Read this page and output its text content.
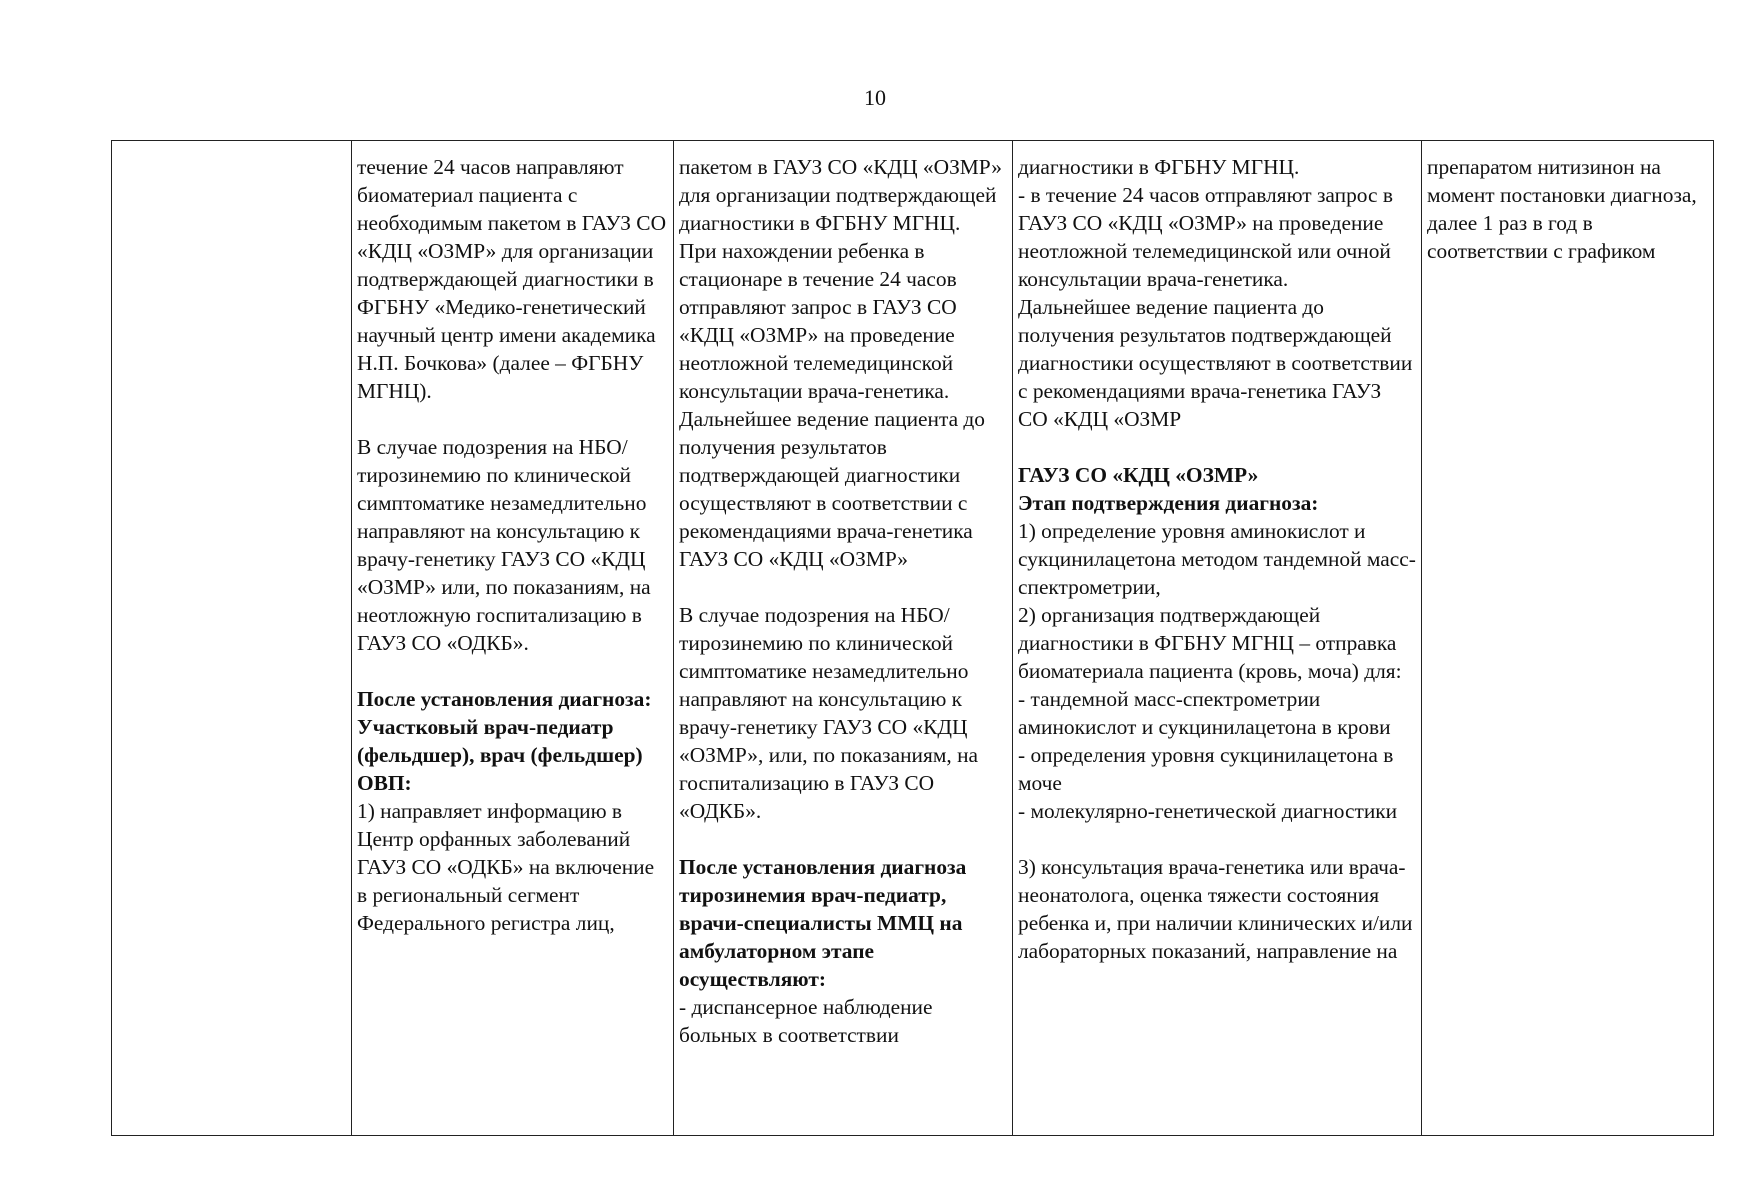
10

течение 24 часов направляют биоматериал пациента с необходимым пакетом в ГАУЗ СО «КДЦ «ОЗМР» для организации подтверждающей диагностики в ФГБНУ «Медико-генетический научный центр имени академика Н.П. Бочкова» (далее – ФГБНУ МГНЦ).
В случае подозрения на НБО/тирозинемию по клинической симптоматике незамедлительно направляют на консультацию к врачу-генетику ГАУЗ СО «КДЦ «ОЗМР» или, по показаниям, на неотложную госпитализацию в ГАУЗ СО «ОДКБ».
После установления диагноза:
Участковый врач-педиатр (фельдшер), врач (фельдшер) ОВП:
1) направляет информацию в Центр орфанных заболеваний ГАУЗ СО «ОДКБ» на включение в региональный сегмент Федерального регистра лиц,

пакетом в ГАУЗ СО «КДЦ «ОЗМР» для организации подтверждающей диагностики в ФГБНУ МГНЦ.
При нахождении ребенка в стационаре в течение 24 часов отправляют запрос в ГАУЗ СО «КДЦ «ОЗМР» на проведение неотложной телемедицинской консультации врача-генетика.
Дальнейшее ведение пациента до получения результатов подтверждающей диагностики осуществляют в соответствии с рекомендациями врача-генетика ГАУЗ СО «КДЦ «ОЗМР»
В случае подозрения на НБО/тирозинемию по клинической симптоматике незамедлительно направляют на консультацию к врачу-генетику ГАУЗ СО «КДЦ «ОЗМР», или, по показаниям, на госпитализацию в ГАУЗ СО «ОДКБ».
После установления диагноза тирозинемия врач-педиатр, врачи-специалисты ММЦ на амбулаторном этапе осуществляют:
- диспансерное наблюдение больных в соответствии

диагностики в ФГБНУ МГНЦ.
- в течение 24 часов отправляют запрос в ГАУЗ СО «КДЦ «ОЗМР» на проведение неотложной телемедицинской или очной консультации врача-генетика.
Дальнейшее ведение пациента до получения результатов подтверждающей диагностики осуществляют в соответствии с рекомендациями врача-генетика ГАУЗ СО «КДЦ «ОЗМР
ГАУЗ СО «КДЦ «ОЗМР»
Этап подтверждения диагноза:
1) определение уровня аминокислот и сукцинилацетона методом тандемной масс-спектрометрии,
2) организация подтверждающей диагностики в ФГБНУ МГНЦ – отправка биоматериала пациента (кровь, моча) для:
- тандемной масс-спектрометрии аминокислот и сукцинилацетона в крови
- определения уровня сукцинилацетона в моче
- молекулярно-генетической диагностики
3) консультация врача-генетика или врача-неонатолога, оценка тяжести состояния ребенка и, при наличии клинических и/или лабораторных показаний, направление на

препаратом нитизинон на момент постановки диагноза, далее 1 раз в год в соответствии с графиком
